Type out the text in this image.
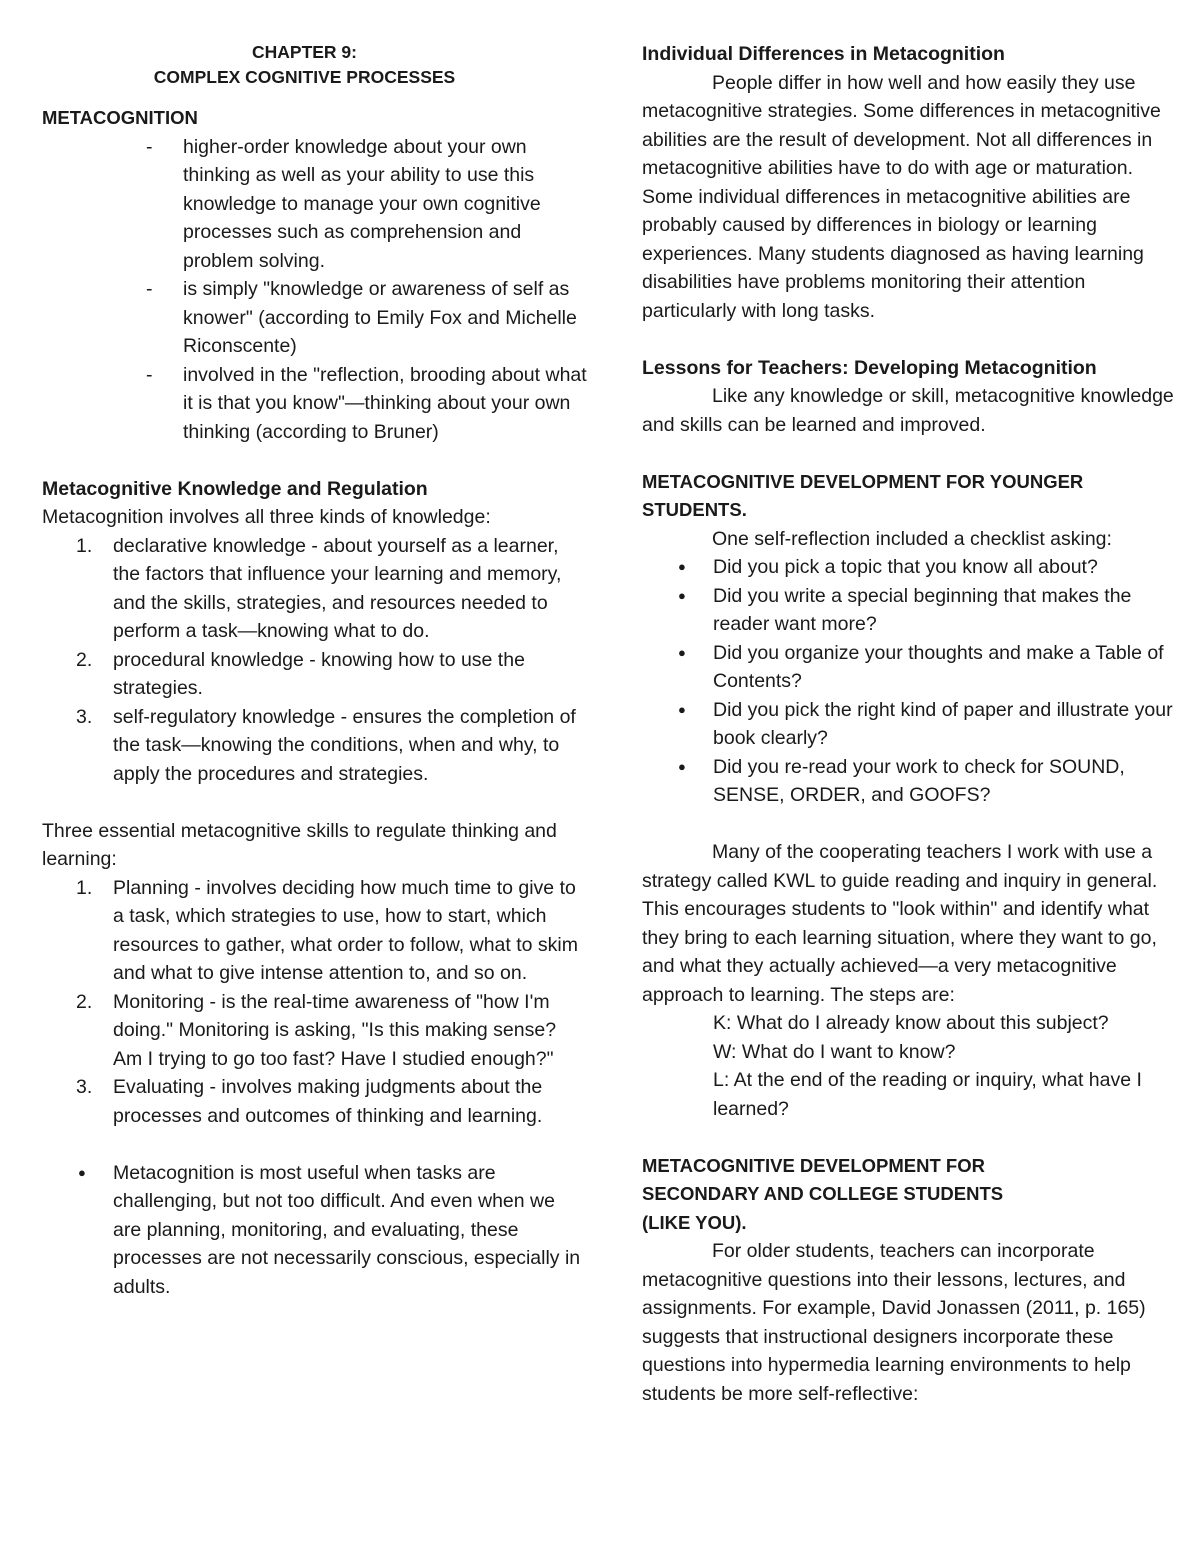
CHAPTER 9:
COMPLEX COGNITIVE PROCESSES
METACOGNITION
- higher-order knowledge about your own thinking as well as your ability to use this knowledge to manage your own cognitive processes such as comprehension and problem solving.
- is simply "knowledge or awareness of self as knower" (according to Emily Fox and Michelle Riconscente)
- involved in the "reflection, brooding about what it is that you know"—thinking about your own thinking (according to Bruner)
Metacognitive Knowledge and Regulation

Metacognition involves all three kinds of knowledge:

1. declarative knowledge - about yourself as a learner, the factors that influence your learning and memory, and the skills, strategies, and resources needed to perform a task—knowing what to do.
2. procedural knowledge - knowing how to use the strategies.
3. self-regulatory knowledge - ensures the completion of the task—knowing the conditions, when and why, to apply the procedures and strategies.

Three essential metacognitive skills to regulate thinking and learning:

1. Planning - involves deciding how much time to give to a task, which strategies to use, how to start, which resources to gather, what order to follow, what to skim and what to give intense attention to, and so on.
2. Monitoring - is the real-time awareness of "how I'm doing." Monitoring is asking, "Is this making sense? Am I trying to go too fast? Have I studied enough?"
3. Evaluating - involves making judgments about the processes and outcomes of thinking and learning.
● Metacognition is most useful when tasks are challenging, but not too difficult. And even when we are planning, monitoring, and evaluating, these processes are not necessarily conscious, especially in adults.
Individual Differences in Metacognition

People differ in how well and how easily they use metacognitive strategies. Some differences in metacognitive abilities are the result of development. Not all differences in metacognitive abilities have to do with age or maturation. Some individual differences in metacognitive abilities are probably caused by differences in biology or learning experiences. Many students diagnosed as having learning disabilities have problems monitoring their attention particularly with long tasks.

Lessons for Teachers: Developing Metacognition

Like any knowledge or skill, metacognitive knowledge and skills can be learned and improved.

METACOGNITIVE DEVELOPMENT FOR YOUNGER STUDENTS.

One self-reflection included a checklist asking:

● Did you pick a topic that you know all about?
● Did you write a special beginning that makes the reader want more?
● Did you organize your thoughts and make a Table of Contents?
● Did you pick the right kind of paper and illustrate your book clearly?
● Did you re-read your work to check for SOUND, SENSE, ORDER, and GOOFS?

Many of the cooperating teachers I work with use a strategy called KWL to guide reading and inquiry in general. This encourages students to "look within" and identify what they bring to each learning situation, where they want to go, and what they actually achieved—a very metacognitive approach to learning. The steps are:

K: What do I already know about this subject?

W: What do I want to know?

L: At the end of the reading or inquiry, what have I learned?

METACOGNITIVE DEVELOPMENT FOR
SECONDARY AND COLLEGE STUDENTS
(LIKE YOU).

For older students, teachers can incorporate metacognitive questions into their lessons, lectures, and assignments. For example, David Jonassen (2011, p. 165) suggests that instructional designers incorporate these questions into hypermedia learning environments to help students be more self-reflective:
